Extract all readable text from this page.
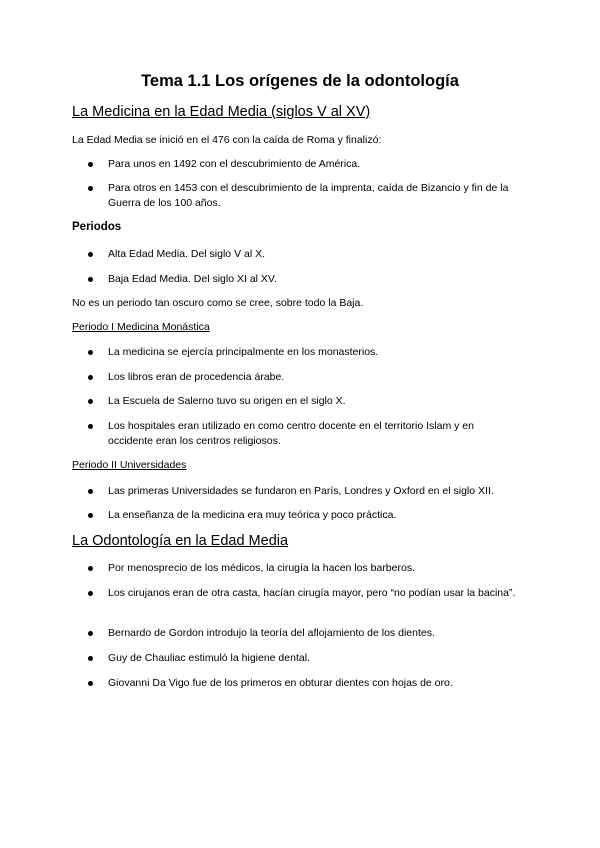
Tema 1.1 Los orígenes de la odontología
La Medicina en la Edad Media (siglos V al XV)

La Edad Media se inició en el 476 con la caída de Roma y finalizó:

Para unos en 1492 con el descubrimiento de América.
Para otros en 1453 con el descubrimiento de la imprenta, caída de Bizancio y fin de la Guerra de los 100 años.
Periodos
Alta Edad Media. Del siglo V al X.
Baja Edad Media. Del siglo XI al XV.

No es un periodo tan oscuro como se cree, sobre todo la Baja.

Periodo I Medicina Monástica
La medicina se ejercía principalmente en los monasterios.
Los libros eran de procedencia árabe.
La Escuela de Salerno tuvo su origen en el siglo X.
Los hospitales eran utilizado en como centro docente en el territorio Islam y en occidente eran los centros religiosos.
Periodo II Universidades
Las primeras Universidades se fundaron en París, Londres y Oxford en el siglo XII.
La enseñanza de la medicina era muy teórica y poco práctica.
La Odontología en la Edad Media
Por menosprecio de los médicos, la cirugía la hacen los barberos.
Los cirujanos eran de otra casta, hacían cirugía mayor, pero “no podían usar la bacina”.
Bernardo de Gordon introdujo la teoría del aflojamiento de los dientes.
Guy de Chauliac estimuló la higiene dental.
Giovanni Da Vigo fue de los primeros en obturar dientes con hojas de oro.
